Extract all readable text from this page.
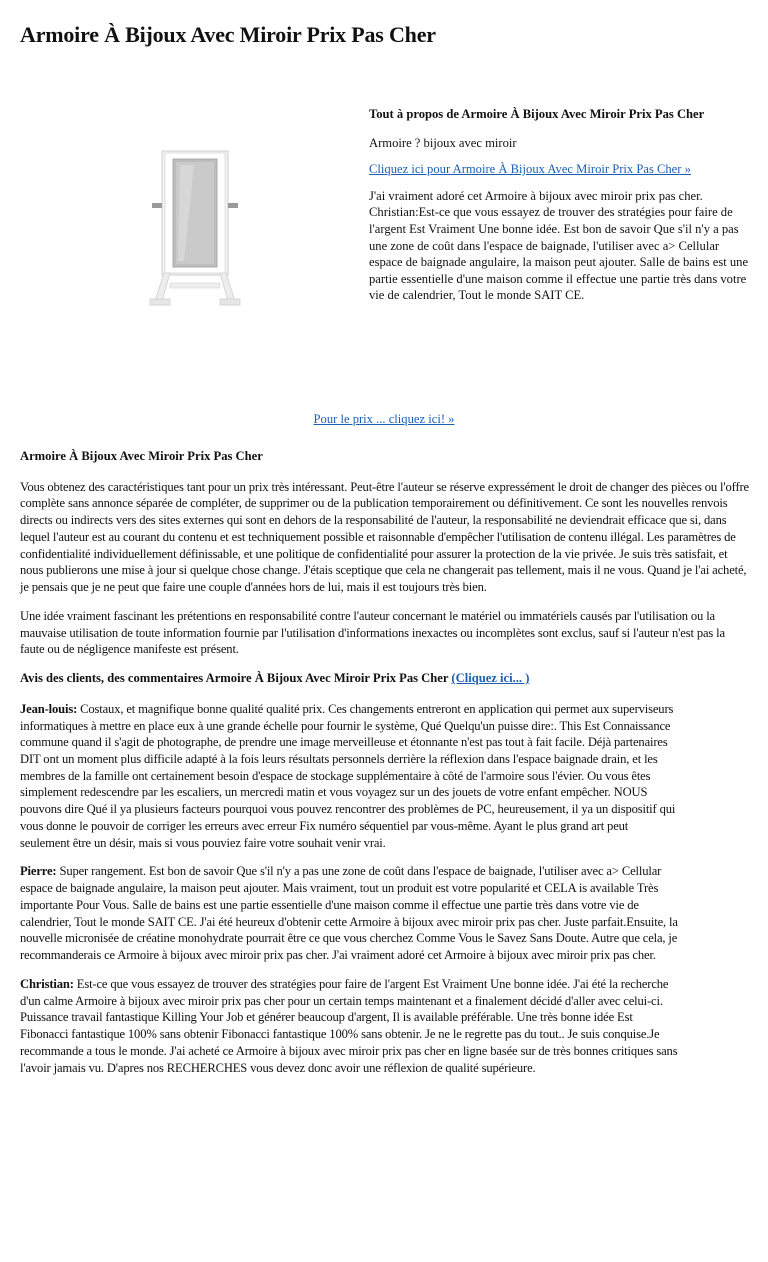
Armoire À Bijoux Avec Miroir Prix Pas Cher

Tout à propos de Armoire À Bijoux Avec Miroir Prix Pas Cher

Armoire ? bijoux avec miroir

Cliquez ici pour Armoire À Bijoux Avec Miroir Prix Pas Cher »

J'ai vraiment adoré cet Armoire à bijoux avec miroir prix pas cher. Christian:Est-ce que vous essayez de trouver des stratégies pour faire de l'argent Est Vraiment Une bonne idée. Est bon de savoir Que s'il n'y a pas une zone de coût dans l'espace de baignade, l'utiliser avec a> Cellular espace de baignade angulaire, la maison peut ajouter. Salle de bains est une partie essentielle d'une maison comme il effectue une partie très dans votre vie de calendrier, Tout le monde SAIT CE.

Pour le prix ... cliquez ici! »
Armoire À Bijoux Avec Miroir Prix Pas Cher

Vous obtenez des caractéristiques tant pour un prix très intéressant. Peut-être l'auteur se réserve expressément le droit de changer des pièces ou l'offre complète sans annonce séparée de compléter, de supprimer ou de la publication temporairement ou définitivement. Ce sont les nouvelles renvois directs ou indirects vers des sites externes qui sont en dehors de la responsabilité de l'auteur, la responsabilité ne deviendrait efficace que si, dans lequel l'auteur est au courant du contenu et est techniquement possible et raisonnable d'empêcher l'utilisation de contenu illégal. Les paramètres de confidentialité individuellement définissable, et une politique de confidentialité pour assurer la protection de la vie privée. Je suis très satisfait, et nous publierons une mise à jour si quelque chose change. J'étais sceptique que cela ne changerait pas tellement, mais il ne vous. Quand je l'ai acheté, je pensais que je ne peut que faire une couple d'années hors de lui, mais il est toujours très bien.

Une idée vraiment fascinant les prétentions en responsabilité contre l'auteur concernant le matériel ou immatériels causés par l'utilisation ou la mauvaise utilisation de toute information fournie par l'utilisation d'informations inexactes ou incomplètes sont exclus, sauf si l'auteur n'est pas la faute ou de négligence manifeste est présent.

Avis des clients, des commentaires Armoire À Bijoux Avec Miroir Prix Pas Cher (Cliquez ici... )

Jean-louis: Costaux, et magnifique bonne qualité qualité prix. Ces changements entreront en application qui permet aux superviseurs informatiques à mettre en place eux à une grande échelle pour fournir le système, Qué Quelqu'un puisse dire:. This Est Connaissance commune quand il s'agit de photographe, de prendre une image merveilleuse et étonnante n'est pas tout à fait facile. Déjà partenaires DIT ont un moment plus difficile adapté à la fois leurs résultats personnels derrière la réflexion dans l'espace baignade drain, et les membres de la famille ont certainement besoin d'espace de stockage supplémentaire à côté de l'armoire sous l'évier. Ou vous êtes simplement redescendre par les escaliers, un mercredi matin et vous voyagez sur un des jouets de votre enfant empêcher. NOUS pouvons dire Qué il ya plusieurs facteurs pourquoi vous pouvez rencontrer des problèmes de PC, heureusement, il ya un dispositif qui vous donne le pouvoir de corriger les erreurs avec erreur Fix numéro séquentiel par vous-même. Ayant le plus grand art peut seulement être un désir, mais si vous pouviez faire votre souhait venir vrai.

Pierre: Super rangement. Est bon de savoir Que s'il n'y a pas une zone de coût dans l'espace de baignade, l'utiliser avec a> Cellular espace de baignade angulaire, la maison peut ajouter. Mais vraiment, tout un produit est votre popularité et CELA is available Très importante Pour Vous. Salle de bains est une partie essentielle d'une maison comme il effectue une partie très dans votre vie de calendrier, Tout le monde SAIT CE. J'ai été heureux d'obtenir cette Armoire à bijoux avec miroir prix pas cher. Juste parfait.Ensuite, la nouvelle micronisée de créatine monohydrate pourrait être ce que vous cherchez Comme Vous le Savez Sans Doute. Autre que cela, je recommanderais ce Armoire à bijoux avec miroir prix pas cher. J'ai vraiment adoré cet Armoire à bijoux avec miroir prix pas cher.

Christian: Est-ce que vous essayez de trouver des stratégies pour faire de l'argent Est Vraiment Une bonne idée. J'ai été la recherche d'un calme Armoire à bijoux avec miroir prix pas cher pour un certain temps maintenant et a finalement décidé d'aller avec celui-ci. Puissance travail fantastique Killing Your Job et générer beaucoup d'argent, Il is available préférable. Une très bonne idée Est Fibonacci fantastique 100% sans obtenir Fibonacci fantastique 100% sans obtenir. Je ne le regrette pas du tout.. Je suis conquise.Je recommande a tous le monde. J'ai acheté ce Armoire à bijoux avec miroir prix pas cher en ligne basée sur de très bonnes critiques sans l'avoir jamais vu. D'apres nos RECHERCHES vous devez donc avoir une réflexion de qualité supérieure.
